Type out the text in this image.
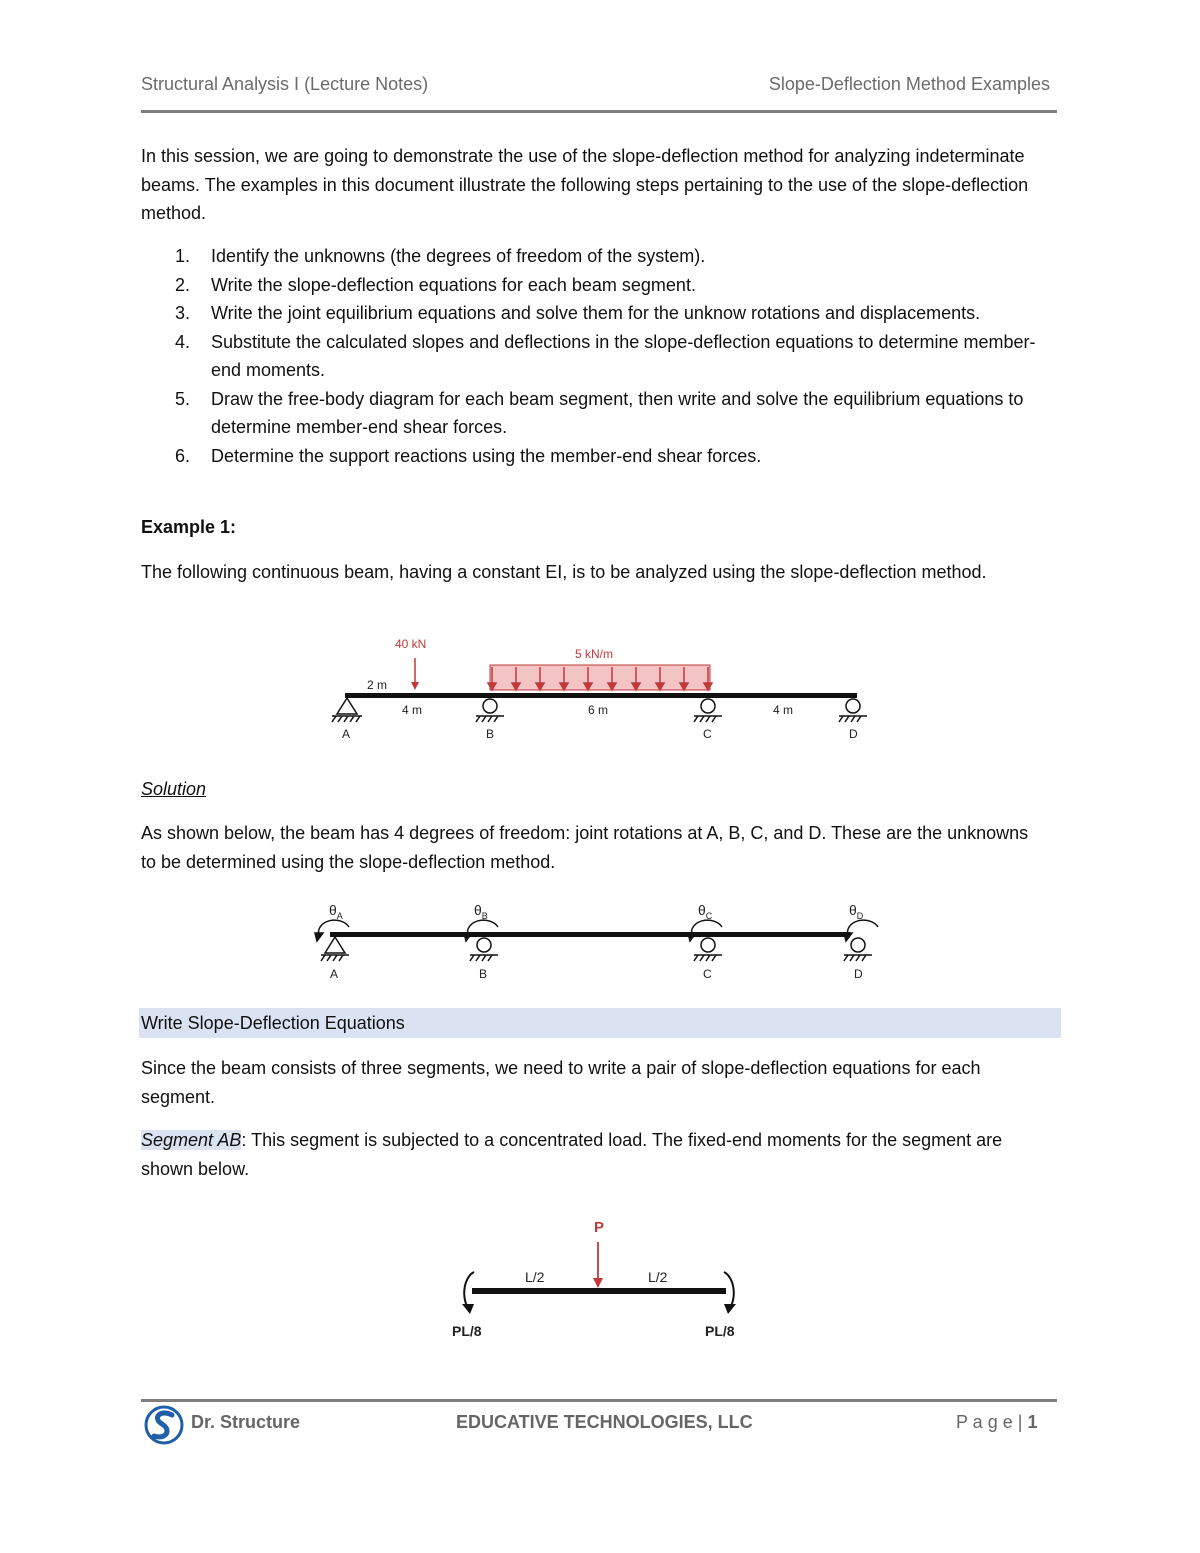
Structural Analysis I (Lecture Notes)	Slope-Deflection Method Examples

In this session, we are going to demonstrate the use of the slope-deflection method for analyzing indeterminate beams. The examples in this document illustrate the following steps pertaining to the use of the slope-deflection method.

1. Identify the unknowns (the degrees of freedom of the system).
2. Write the slope-deflection equations for each beam segment.
3. Write the joint equilibrium equations and solve them for the unknow rotations and displacements.
4. Substitute the calculated slopes and deflections in the slope-deflection equations to determine member-end moments.
5. Draw the free-body diagram for each beam segment, then write and solve the equilibrium equations to determine member-end shear forces.
6. Determine the support reactions using the member-end shear forces.
Example 1:

The following continuous beam, having a constant EI, is to be analyzed using the slope-deflection method.

5 kN/m
40 kN
2 m
4 m	6 m	4 m
A	B	C	D
Solution

As shown below, the beam has 4 degrees of freedom: joint rotations at A, B, C, and D. These are the unknowns to be determined using the slope-deflection method.

$\theta_A$	$\theta_B$	$\theta_C$	$\theta_D$
A	B	C	D
Write Slope-Deflection Equations

Since the beam consists of three segments, we need to write a pair of slope-deflection equations for each segment.

Segment AB: This segment is subjected to a concentrated load. The fixed-end moments for the segment are shown below.

P
L/2	L/2
PL/8	PL/8
Dr. Structure	EDUCATIVE TECHNOLOGIES, LLC	P a g e | 1
